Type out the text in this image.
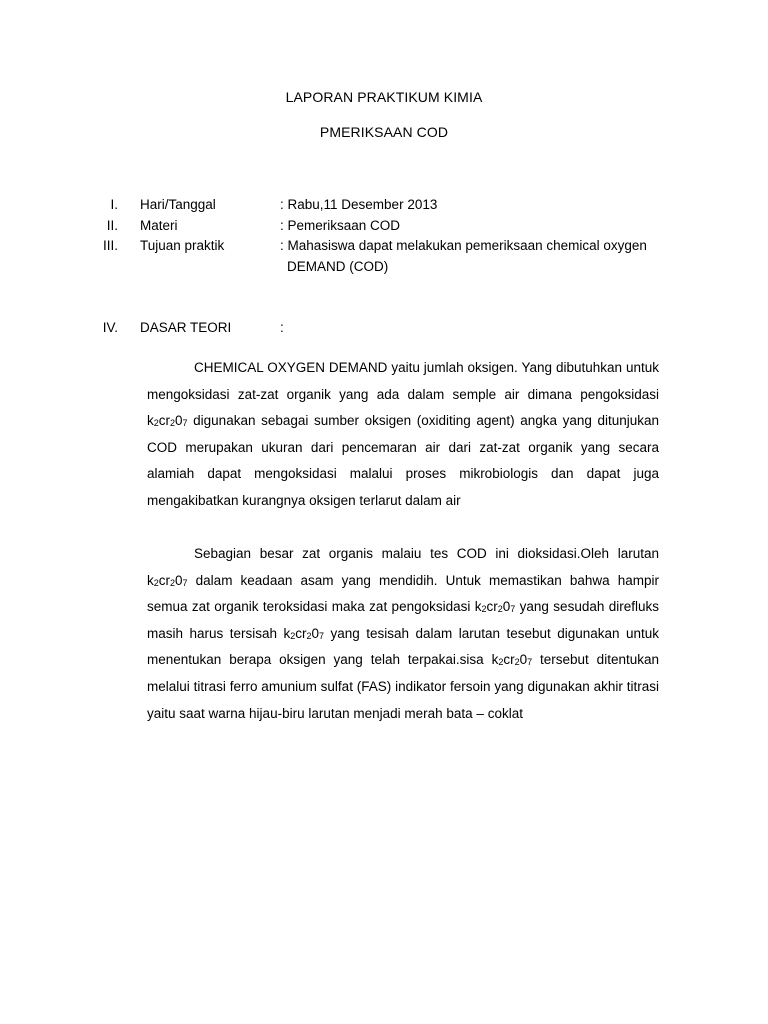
LAPORAN PRAKTIKUM KIMIA
PMERIKSAAN COD
I. Hari/Tanggal	: Rabu,11 Desember 2013
II. Materi	: Pemeriksaan COD
III. Tujuan praktik	: Mahasiswa dapat melakukan pemeriksaan chemical oxygen
DEMAND (COD)
IV. DASAR TEORI	:

CHEMICAL OXYGEN DEMAND yaitu jumlah oksigen. Yang dibutuhkan untuk mengoksidasi zat-zat organik yang ada dalam semple air dimana pengoksidasi $k_2cr_20_7$ digunakan sebagai sumber oksigen (oxiditing agent) angka yang ditunjukan COD merupakan ukuran dari pencemaran air dari zat-zat organik yang secara alamiah dapat mengoksidasi malalui proses mikrobiologis dan dapat juga mengakibatkan kurangnya oksigen terlarut dalam air

Sebagian besar zat organis malaiu tes COD ini dioksidasi.Oleh larutan $k_2cr_20_7$ dalam keadaan asam yang mendidih. Untuk memastikan bahwa hampir semua zat organik teroksidasi maka zat pengoksidasi $k_2cr_20_7$ yang sesudah direfluks masih harus tersisah $k_2cr_20_7$ yang tesisah dalam larutan tesebut digunakan untuk menentukan berapa oksigen yang telah terpakai.sisa $k_2cr_20_7$ tersebut ditentukan melalui titrasi ferro amunium sulfat (FAS) indikator fersoin yang digunakan akhir titrasi yaitu saat warna hijau-biru larutan menjadi merah bata – coklat
